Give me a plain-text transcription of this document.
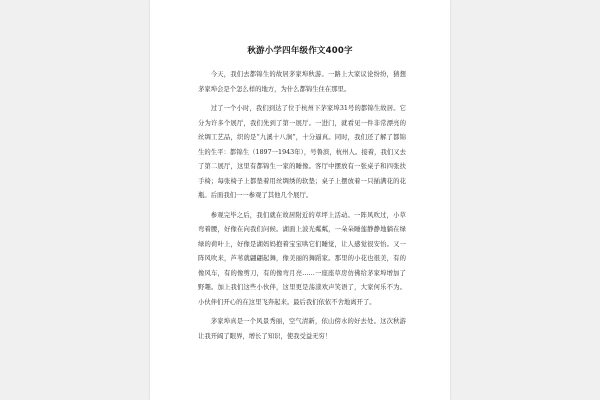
秋游小学四年级作文400字

今天，我们去都锦生的故居茅家埠秋游。一路上大家议论纷纷，猜想茅家埠会是个怎么样的地方，为什么都锦生住在那里。

过了一个小时，我们到达了位于杭州下茅家埠31号的都锦生故居。它分为许多个展厅，我们先到了第一展厅。一进门，就看见一件非常漂亮的丝绸工艺品，织的是“九溪十八涧”，十分逼真。同时，我们还了解了都锦生的生平：都锦生（1897一1943年），号鲁滨，杭州人。接着，我们又去了第二展厅，这里有都锦生一家的睡像。客厅中摆放有一张桌子和四张扶手椅；每张椅子上都垫着用丝绸绣的软垫；桌子上摆放着一只插满花的花瓶。后面我们一一参观了其他几个展厅。

参观完毕之后，我们就在故居附近的草坪上活动。一阵风吹过，小草弯着腰，好像在向我们问候。湖面上波光粼粼，一朵朵睡莲静静地躺在绿绿的荷叶上，好像是湖妈妈抱着宝宝哄它们睡觉，让人感觉很安怡。又一阵风吹来，芦苇就翩翩起舞，像美丽的舞蹈家。那里的小花也很美，有的像风车，有的像剪刀，有的像弯月亮……一座座草房仿佛给茅家埠增加了野趣。加上我们这些小伙伴，这里更是荡漾欢声笑语了，大家何乐不为。小伙伴们开心的在这里飞奔起来。最后我们依依不舍地离开了。

茅家埠真是一个风景秀丽，空气清新，依山傍水的好去处。这次秋游让我开阔了眼界，增长了知识，使我受益无穷！
